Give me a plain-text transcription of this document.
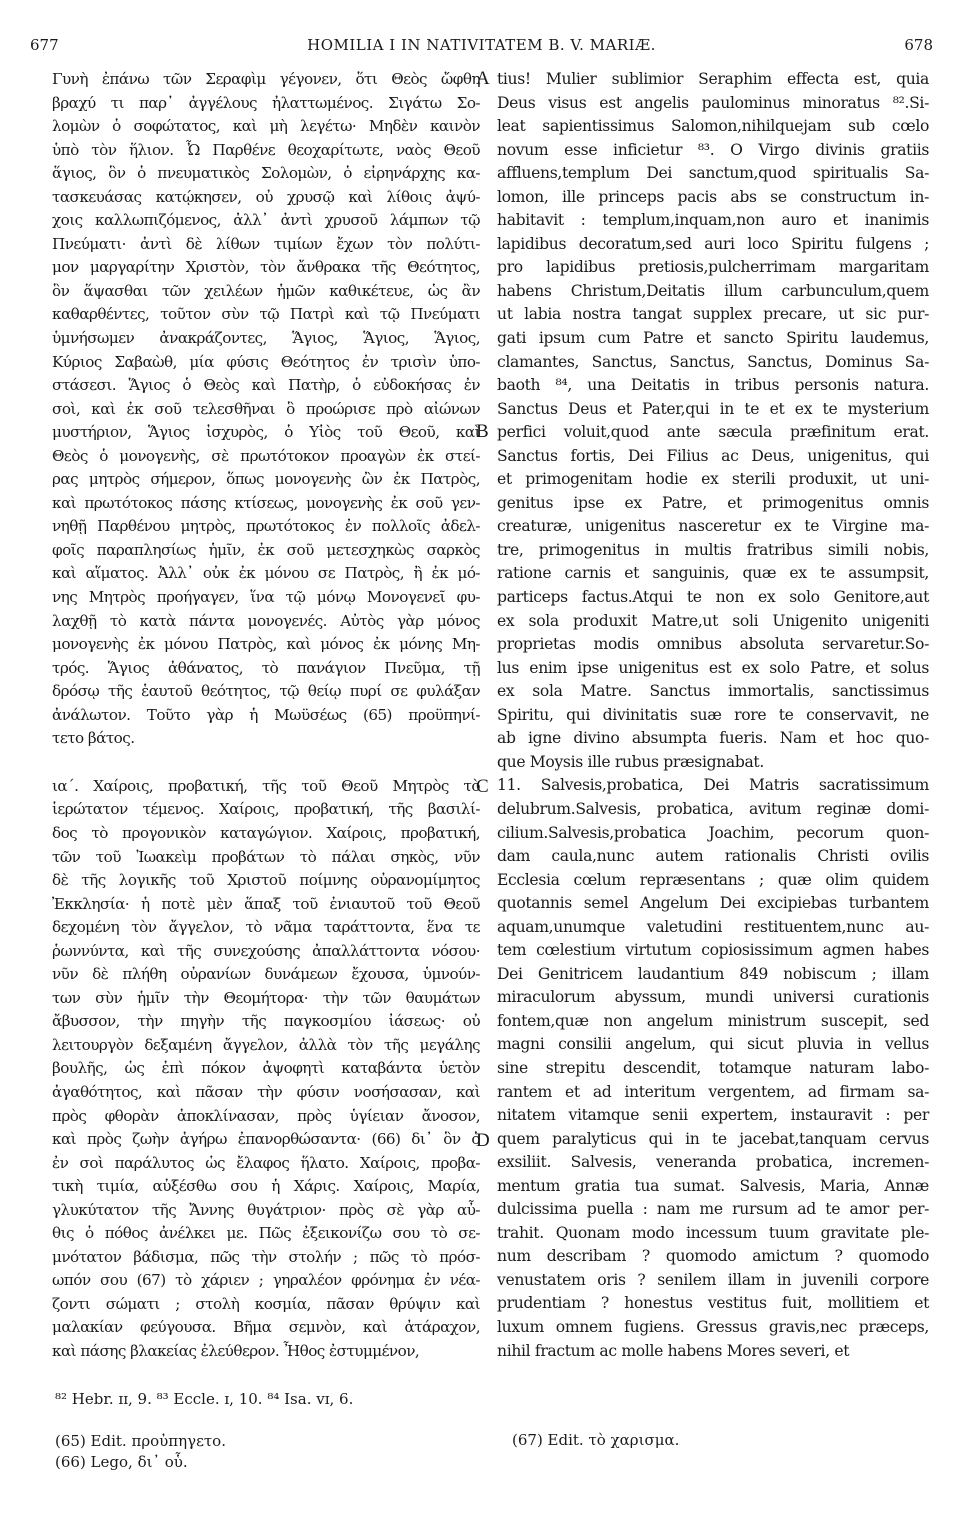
677	HOMILIA I IN NATIVITATEM B. V. MARIÆ.	678
Γυνὴ ἐπάνω τῶν Σεραφὶμ γέγονεν, ὅτι Θεὸς ὤφθη
βραχύ τι παρ᾽ ἀγγέλους ἠλαττωμένος. Σιγάτω Σο-
λομὼν ὁ σοφώτατος, καὶ μὴ λεγέτω· Μηδὲν καινὸν
ὑπὸ τὸν ἥλιον. Ὦ Παρθένε θεοχαρίτωτε, ναὸς Θεοῦ
ἅγιος, ὃν ὁ πνευματικὸς Σολομὼν, ὁ εἰρηνάρχης κα-
τασκευάσας κατῴκησεν, οὐ χρυσῷ καὶ λίθοις ἀψύ-
χοις καλλωπιζόμενος, ἀλλ᾽ ἀντὶ χρυσοῦ λάμπων τῷ
Πνεύματι· ἀντὶ δὲ λίθων τιμίων ἔχων τὸν πολύτι-
μον μαργαρίτην Χριστὸν, τὸν ἄνθρακα τῆς Θεότητος,
ὃν ἅψασθαι τῶν χειλέων ἡμῶν καθικέτευε, ὡς ἂν
καθαρθέντες, τοῦτον σὺν τῷ Πατρὶ καὶ τῷ Πνεύματι
ὑμνήσωμεν ἀνακράζοντες, Ἅγιος, Ἅγιος, Ἅγιος,
Κύριος Σαβαὼθ, μία φύσις Θεότητος ἐν τρισὶν ὑπο-
στάσεσι. Ἅγιος ὁ Θεὸς καὶ Πατὴρ, ὁ εὐδοκήσας ἐν
σοὶ, καὶ ἐκ σοῦ τελεσθῆναι ὃ προώρισε πρὸ αἰώνων
μυστήριον, Ἅγιος ἰσχυρὸς, ὁ Υἱὸς τοῦ Θεοῦ, καὶ
Θεὸς ὁ μονογενὴς, σὲ πρωτότοκον προαγὼν ἐκ στεί-
ρας μητρὸς σήμερον, ὅπως μονογενὴς ὢν ἐκ Πατρὸς,
καὶ πρωτότοκος πάσης κτίσεως, μονογενὴς ἐκ σοῦ γεν-
νηθῇ Παρθένου μητρὸς, πρωτότοκος ἐν πολλοῖς ἀδελ-
φοῖς παραπλησίως ἡμῖν, ἐκ σοῦ μετεσχηκὼς σαρκὸς
καὶ αἵματος. Ἀλλ᾽ οὐκ ἐκ μόνου σε Πατρὸς, ἢ ἐκ μό-
νης Μητρὸς προήγαγεν, ἵνα τῷ μόνῳ Μονογενεῖ φυ-
λαχθῇ τὸ κατὰ πάντα μονογενές. Αὐτὸς γὰρ μόνος
μονογενὴς ἐκ μόνου Πατρὸς, καὶ μόνος ἐκ μόνης Μη-
τρός. Ἅγιος ἀθάνατος, τὸ πανάγιον Πνεῦμα, τῇ
δρόσῳ τῆς ἑαυτοῦ θεότητος, τῷ θείῳ πυρί σε φυλάξαν
ἀνάλωτον. Τοῦτο γὰρ ἡ Μωϋσέως (65) προϋπηνί-
τετο βάτος.
ια΄. Χαίροις, προβατική, τῆς τοῦ Θεοῦ Μητρὸς τὸ
ἱερώτατον τέμενος. Χαίροις, προβατική, τῆς βασιλί-
δος τὸ προγονικὸν καταγώγιον. Χαίροις, προβατική,
τῶν τοῦ Ἰωακεὶμ προβάτων τὸ πάλαι σηκὸς, νῦν
δὲ τῆς λογικῆς τοῦ Χριστοῦ ποίμνης οὐρανομίμητος
Ἐκκλησία· ἡ ποτὲ μὲν ἅπαξ τοῦ ἐνιαυτοῦ τοῦ Θεοῦ
δεχομένη τὸν ἄγγελον, τὸ νᾶμα ταράττοντα, ἕνα τε
ῥωννύντα, καὶ τῆς συνεχούσης ἀπαλλάττοντα νόσου·
νῦν δὲ πλήθη οὐρανίων δυνάμεων ἔχουσα, ὑμνούν-
των σὺν ἡμῖν τὴν Θεομήτορα· τὴν τῶν θαυμάτων
ἄβυσσον, τὴν πηγὴν τῆς παγκοσμίου ἰάσεως· οὐ
λειτουργὸν δεξαμένη ἄγγελον, ἀλλὰ τὸν τῆς μεγάλης
βουλῆς, ὡς ἐπὶ πόκον ἀψοφητὶ καταβάντα ὑετὸν
ἀγαθότητος, καὶ πᾶσαν τὴν φύσιν νοσήσασαν, καὶ
πρὸς φθορὰν ἀποκλίνασαν, πρὸς ὑγίειαν ἄνοσον,
καὶ πρὸς ζωὴν ἀγήρω ἐπανορθώσαντα· (66) δι᾽ ὃν ὁ
ἐν σοὶ παράλυτος ὡς ἔλαφος ἥλατο. Χαίροις, προβα-
τικὴ τιμία, αὐξέσθω σου ἡ Χάρις. Χαίροις, Μαρία,
γλυκύτατον τῆς Ἄννης θυγάτριον· πρὸς σὲ γὰρ αὖ-
θις ὁ πόθος ἀνέλκει με. Πῶς ἐξεικονίζω σου τὸ σε-
μνότατον βάδισμα, πῶς τὴν στολήν ; πῶς τὸ πρόσ-
ωπόν σου (67) τὸ χάριεν ; γηραλέον φρόνημα ἐν νέα-
ζοντι σώματι ; στολὴ κοσμία, πᾶσαν θρύψιν καὶ
μαλακίαν φεύγουσα. Βῆμα σεμνὸν, καὶ ἀτάραχον,
καὶ πάσης βλακείας ἐλεύθερον. Ἦθος ἐστυμμένον,
tius! Mulier sublimior Seraphim effecta est, quia
Deus visus est angelis paulominus minoratus ⁸².Si-
leat sapientissimus Salomon,nihilquejam sub cœlo
novum esse inficietur ⁸³. O Virgo divinis gratiis
affluens,templum Dei sanctum,quod spiritualis Sa-
lomon, ille princeps pacis abs se constructum in-
habitavit : templum,inquam,non auro et inanimis
lapidibus decoratum,sed auri loco Spiritu fulgens ;
pro lapidibus pretiosis,pulcherrimam margaritam
habens Christum,Deitatis illum carbunculum,quem
ut labia nostra tangat supplex precare, ut sic pur-
gati ipsum cum Patre et sancto Spiritu laudemus,
clamantes, Sanctus, Sanctus, Sanctus, Dominus Sa-
baoth ⁸⁴, una Deitatis in tribus personis natura.
Sanctus Deus et Pater,qui in te et ex te mysterium
perfici voluit,quod ante sæcula præfinitum erat.
Sanctus fortis, Dei Filius ac Deus, unigenitus, qui
et primogenitam hodie ex sterili produxit, ut uni-
genitus ipse ex Patre, et primogenitus omnis
creaturæ, unigenitus nasceretur ex te Virgine ma-
tre, primogenitus in multis fratribus simili nobis,
ratione carnis et sanguinis, quæ ex te assumpsit,
particeps factus.Atqui te non ex solo Genitore,aut
ex sola produxit Matre,ut soli Unigenito unigeniti
proprietas modis omnibus absoluta servaretur.So-
lus enim ipse unigenitus est ex solo Patre, et solus
ex sola Matre. Sanctus immortalis, sanctissimus
Spiritu, qui divinitatis suæ rore te conservavit, ne
ab igne divino absumpta fueris. Nam et hoc quo-
que Moysis ille rubus præsignabat.
11. Salvesis,probatica, Dei Matris sacratissimum
delubrum.Salvesis, probatica, avitum reginæ domi-
cilium.Salvesis,probatica Joachim, pecorum quon-
dam caula,nunc autem rationalis Christi ovilis
Ecclesia cœlum repræsentans ; quæ olim quidem
quotannis semel Angelum Dei excipiebas turbantem
aquam,unumque valetudini restituentem,nunc au-
tem cœlestium virtutum copiosissimum agmen habes
Dei Genitricem laudantium 849 nobiscum ; illam
miraculorum abyssum, mundi universi curationis
fontem,quæ non angelum ministrum suscepit, sed
magni consilii angelum, qui sicut pluvia in vellus
sine strepitu descendit, totamque naturam labo-
rantem et ad interitum vergentem, ad firmam sa-
nitatem vitamque senii expertem, instauravit : per
quem paralyticus qui in te jacebat,tanquam cervus
exsiliit. Salvesis, veneranda probatica, incremen-
mentum gratia tua sumat. Salvesis, Maria, Annæ
dulcissima puella : nam me rursum ad te amor per-
trahit. Quonam modo incessum tuum gravitate ple-
num describam ? quomodo amictum ? quomodo
venustatem oris ? senilem illam in juvenili corpore
prudentiam ? honestus vestitus fuit, mollitiem et
luxum omnem fugiens. Gressus gravis,nec præceps,
nihil fractum ac molle habens Mores severi, et
A
B
C
D
⁸² Hebr. ɪɪ, 9. ⁸³ Eccle. ɪ, 10. ⁸⁴ Isa. ᴠɪ, 6.
(65) Edit. προὐπηγετο.
(66) Lego, δι᾽ οὗ.
(67) Edit. τὸ χαρισμα.
